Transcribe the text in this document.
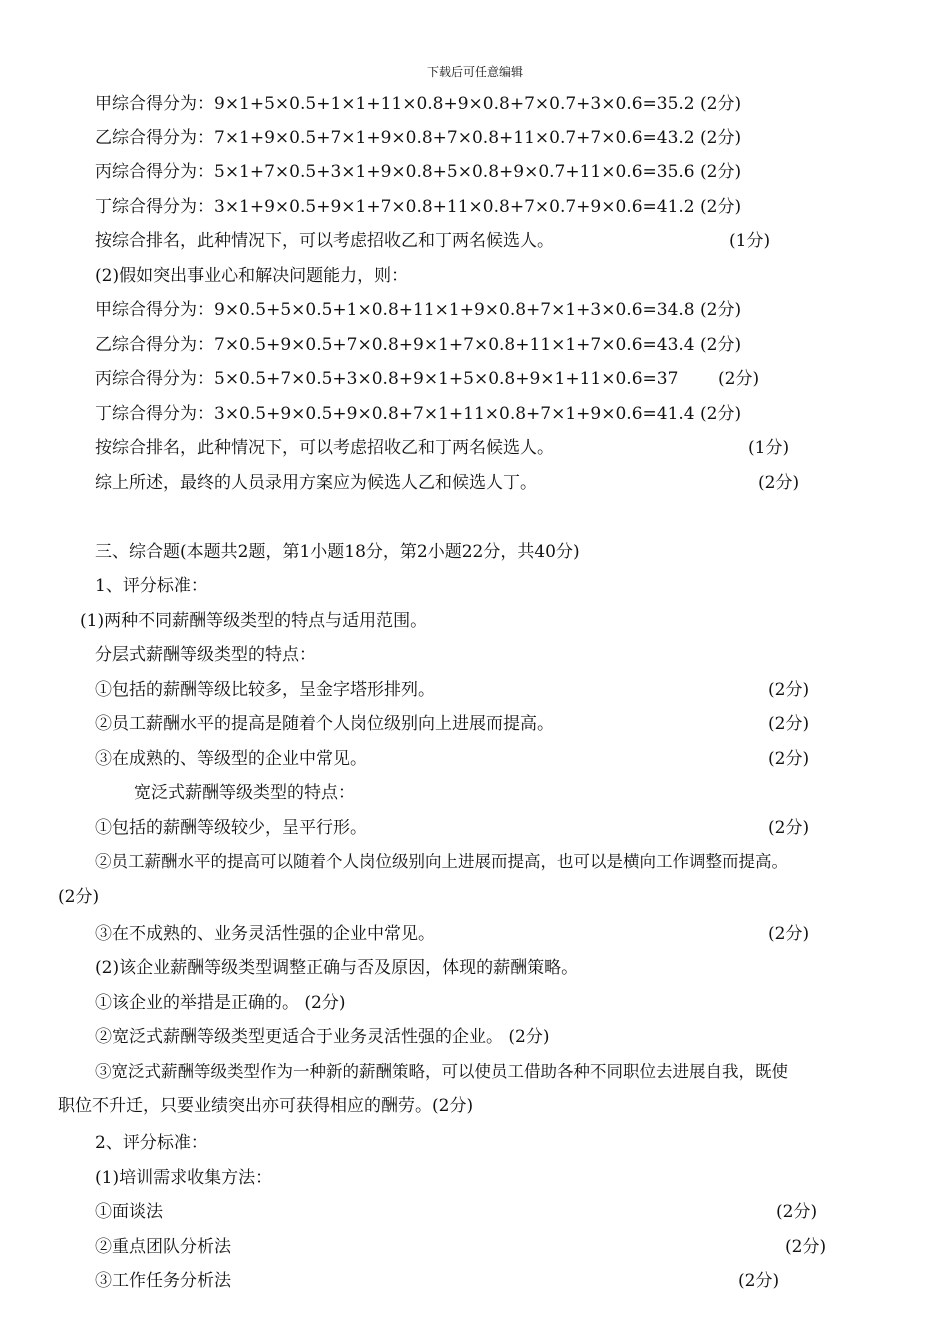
下载后可任意编辑
甲综合得分为：9×1+5×0.5+1×1+11×0.8+9×0.8+7×0.7+3×0.6=35.2 (2分)
乙综合得分为：7×1+9×0.5+7×1+9×0.8+7×0.8+11×0.7+7×0.6=43.2 (2分)
丙综合得分为：5×1+7×0.5+3×1+9×0.8+5×0.8+9×0.7+11×0.6=35.6 (2分)
丁综合得分为：3×1+9×0.5+9×1+7×0.8+11×0.8+7×0.7+9×0.6=41.2 (2分)
按综合排名，此种情况下，可以考虑招收乙和丁两名候选人。	(1分)
(2)假如突出事业心和解决问题能力，则：
甲综合得分为：9×0.5+5×0.5+1×0.8+11×1+9×0.8+7×1+3×0.6=34.8 (2分)
乙综合得分为：7×0.5+9×0.5+7×0.8+9×1+7×0.8+11×1+7×0.6=43.4 (2分)
丙综合得分为：5×0.5+7×0.5+3×0.8+9×1+5×0.8+9×1+11×0.6=37 (2分)
丁综合得分为：3×0.5+9×0.5+9×0.8+7×1+11×0.8+7×1+9×0.6=41.4 (2分)
按综合排名，此种情况下，可以考虑招收乙和丁两名候选人。	(1分)
综上所述，最终的人员录用方案应为候选人乙和候选人丁。	(2分)
三、综合题(本题共2题，第1小题18分，第2小题22分，共40分)
1、评分标准：
(1)两种不同薪酬等级类型的特点与适用范围。
分层式薪酬等级类型的特点：
①包括的薪酬等级比较多，呈金字塔形排列。	(2分)
②员工薪酬水平的提高是随着个人岗位级别向上进展而提高。	(2分)
③在成熟的、等级型的企业中常见。	(2分)
宽泛式薪酬等级类型的特点：
①包括的薪酬等级较少，呈平行形。	(2分)
②员工薪酬水平的提高可以随着个人岗位级别向上进展而提高，也可以是横向工作调整而提高。
(2分)
③在不成熟的、业务灵活性强的企业中常见。	(2分)
(2)该企业薪酬等级类型调整正确与否及原因，体现的薪酬策略。
①该企业的举措是正确的。 (2分)
②宽泛式薪酬等级类型更适合于业务灵活性强的企业。 (2分)
③宽泛式薪酬等级类型作为一种新的薪酬策略，可以使员工借助各种不同职位去进展自我，既使
职位不升迁，只要业绩突出亦可获得相应的酬劳。(2分)
2、评分标准：
(1)培训需求收集方法：
①面谈法	(2分)
②重点团队分析法	(2分)
③工作任务分析法	(2分)
